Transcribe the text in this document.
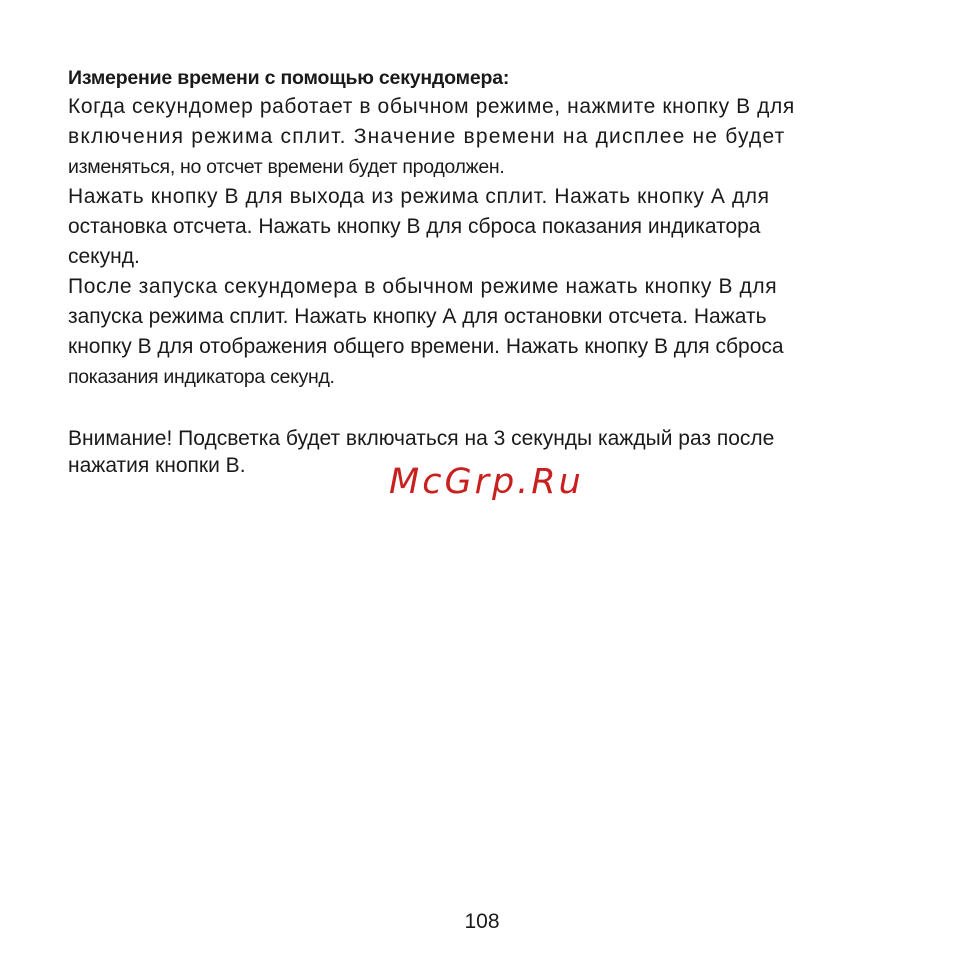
Измерение времени с помощью секундомера:

Когда секундомер работает в обычном режиме, нажмите кнопку B для

включения режима сплит. Значение времени на дисплее не будет

изменяться, но отсчет времени будет продолжен.

Нажать кнопку B для выхода из режима сплит. Нажать кнопку А для

остановка отсчета. Нажать кнопку B для сброса показания индикатора

секунд.

После запуска секундомера в обычном режиме нажать кнопку B для

запуска режима сплит. Нажать кнопку А для остановки отсчета. Нажать

кнопку B для отображения общего времени. Нажать кнопку B для сброса

показания индикатора секунд.

Внимание! Подсветка будет включаться на 3 секунды каждый раз после

нажатия кнопки B.	McGrp.Ru
108
